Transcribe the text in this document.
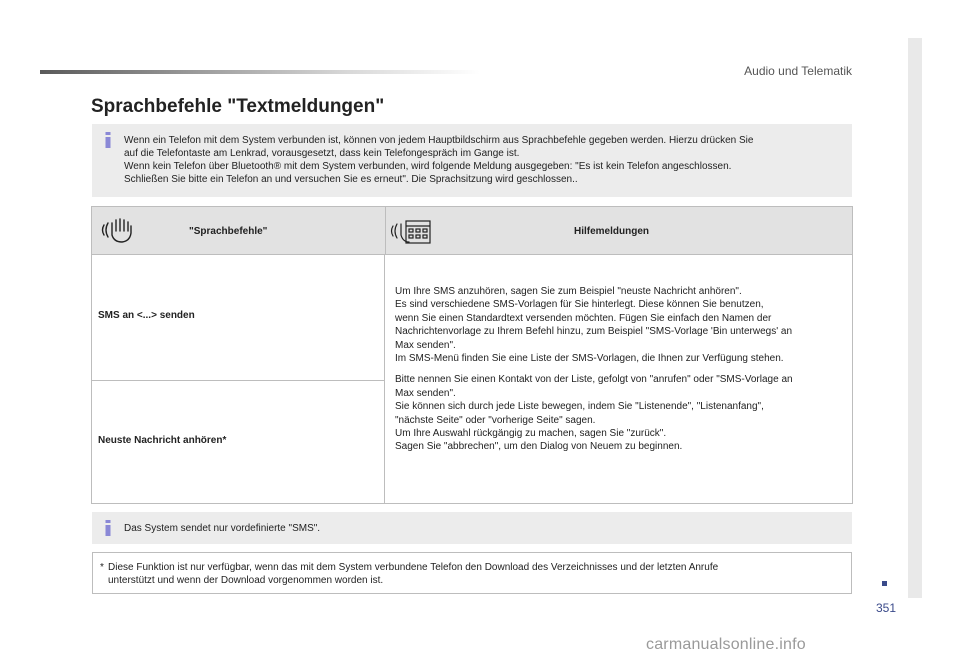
Audio und Telematik
351
Sprachbefehle "Textmeldungen"
Wenn ein Telefon mit dem System verbunden ist, können von jedem Hauptbildschirm aus Sprachbefehle gegeben werden. Hierzu drücken Sie
auf die Telefontaste am Lenkrad, vorausgesetzt, dass kein Telefongespräch im Gange ist.
Wenn kein Telefon über Bluetooth® mit dem System verbunden, wird folgende Meldung ausgegeben: "Es ist kein Telefon angeschlossen.
Schließen Sie bitte ein Telefon an und versuchen Sie es erneut". Die Sprachsitzung wird geschlossen..
"Sprachbefehle"	Hilfemeldungen
SMS an <...> senden
Neuste Nachricht anhören*

Um Ihre SMS anzuhören, sagen Sie zum Beispiel "neuste Nachricht anhören".

Es sind verschiedene SMS-Vorlagen für Sie hinterlegt. Diese können Sie benutzen,

wenn Sie einen Standardtext versenden möchten. Fügen Sie einfach den Namen der

Nachrichtenvorlage zu Ihrem Befehl hinzu, zum Beispiel "SMS-Vorlage 'Bin unterwegs' an

Max senden".

Im SMS-Menü finden Sie eine Liste der SMS-Vorlagen, die Ihnen zur Verfügung stehen.

Bitte nennen Sie einen Kontakt von der Liste, gefolgt von "anrufen" oder "SMS-Vorlage an

Max senden".

Sie können sich durch jede Liste bewegen, indem Sie "Listenende", "Listenanfang",

"nächste Seite" oder "vorherige Seite" sagen.

Um Ihre Auswahl rückgängig zu machen, sagen Sie "zurück".

Sagen Sie "abbrechen", um den Dialog von Neuem zu beginnen.

Das System sendet nur vordefinierte "SMS".
* Diese Funktion ist nur verfügbar, wenn das mit dem System verbundene Telefon den Download des Verzeichnisses und der letzten Anrufe
unterstützt und wenn der Download vorgenommen worden ist.
carmanualsonline.info
